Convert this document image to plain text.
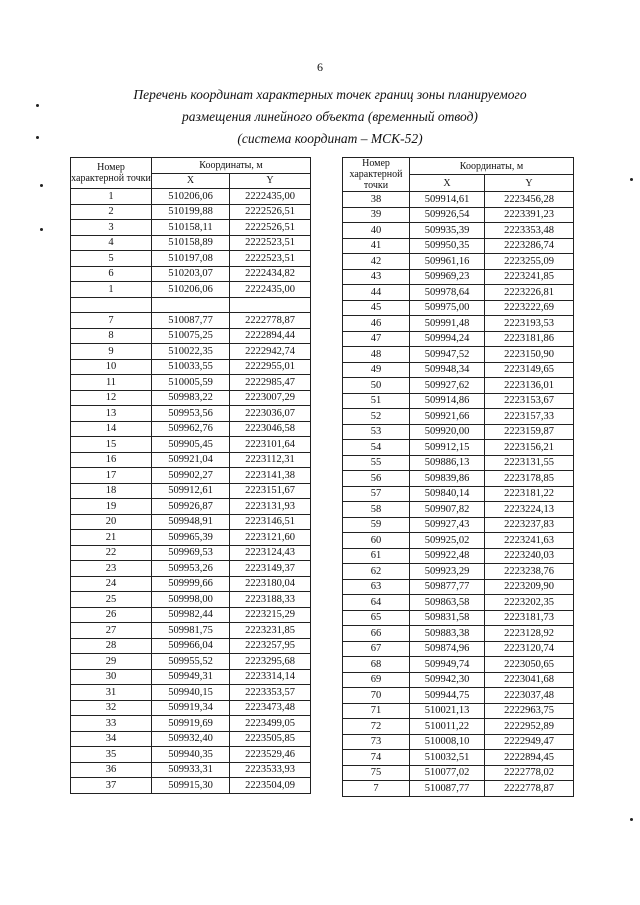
6
Перечень координат характерных точек границ зоны планируемого
размещения линейного объекта (временный отвод)
(система координат – МСК-52)
Номер характерной точки	Координаты, м	
	X	Y
1	510206,06	2222435,00
2	510199,88	2222526,51
3	510158,11	2222526,51
4	510158,89	2222523,51
5	510197,08	2222523,51
6	510203,07	2222434,82
1	510206,06	2222435,00

7	510087,77	2222778,87
8	510075,25	2222894,44
9	510022,35	2222942,74
10	510033,55	2222955,01
11	510005,59	2222985,47
12	509983,22	2223007,29
13	509953,56	2223036,07
14	509962,76	2223046,58
15	509905,45	2223101,64
16	509921,04	2223112,31
17	509902,27	2223141,38
18	509912,61	2223151,67
19	509926,87	2223131,93
20	509948,91	2223146,51
21	509965,39	2223121,60
22	509969,53	2223124,43
23	509953,26	2223149,37
24	509999,66	2223180,04
25	509998,00	2223188,33
26	509982,44	2223215,29
27	509981,75	2223231,85
28	509966,04	2223257,95
29	509955,52	2223295,68
30	509949,31	2223314,14
31	509940,15	2223353,57
32	509919,34	2223473,48
33	509919,69	2223499,05
34	509932,40	2223505,85
35	509940,35	2223529,46
36	509933,31	2223533,93
37	509915,30	2223504,09
Номер характерной точки	Координаты, м	
	X	Y
38	509914,61	2223456,28
39	509926,54	2223391,23
40	509935,39	2223353,48
41	509950,35	2223286,74
42	509961,16	2223255,09
43	509969,23	2223241,85
44	509978,64	2223226,81
45	509975,00	2223222,69
46	509991,48	2223193,53
47	509994,24	2223181,86
48	509947,52	2223150,90
49	509948,34	2223149,65
50	509927,62	2223136,01
51	509914,86	2223153,67
52	509921,66	2223157,33
53	509920,00	2223159,87
54	509912,15	2223156,21
55	509886,13	2223131,55
56	509839,86	2223178,85
57	509840,14	2223181,22
58	509907,82	2223224,13
59	509927,43	2223237,83
60	509925,02	2223241,63
61	509922,48	2223240,03
62	509923,29	2223238,76
63	509877,77	2223209,90
64	509863,58	2223202,35
65	509831,58	2223181,73
66	509883,38	2223128,92
67	509874,96	2223120,74
68	509949,74	2223050,65
69	509942,30	2223041,68
70	509944,75	2223037,48
71	510021,13	2222963,75
72	510011,22	2222952,89
73	510008,10	2222949,47
74	510032,51	2222894,45
75	510077,02	2222778,02
7	510087,77	2222778,87
